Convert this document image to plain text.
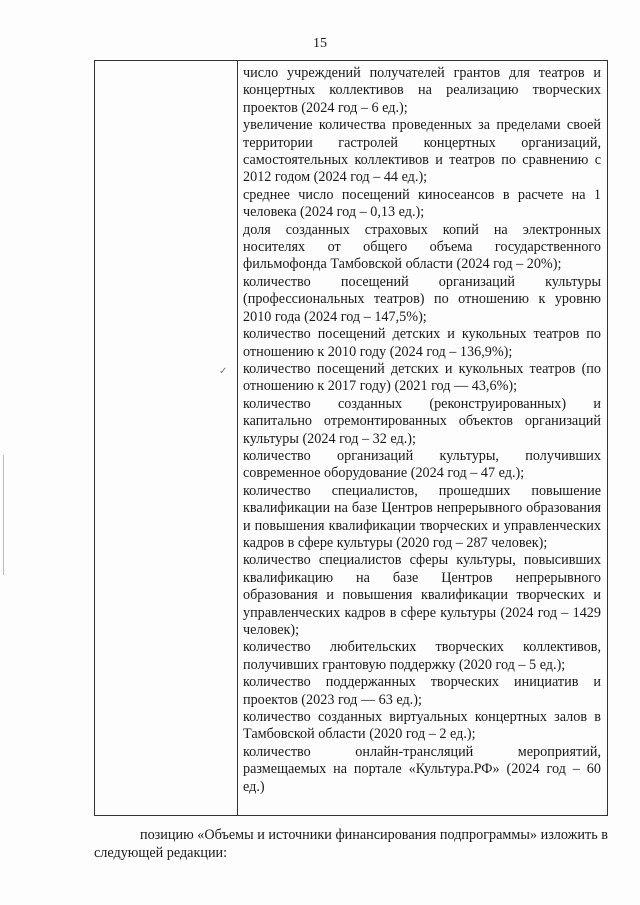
15
✓

число учреждений получателей грантов для театров и концертных коллективов на реализацию творческих проектов (2024 год – 6 ед.);

увеличение количества проведенных за пределами своей территории гастролей концертных организаций, самостоятельных коллективов и театров по сравнению с 2012 годом (2024 год – 44 ед.);

среднее число посещений киносеансов в расчете на 1 человека (2024 год – 0,13 ед.);

доля созданных страховых копий на электронных носителях от общего объема государственного фильмофонда Тамбовской области (2024 год – 20%);

количество посещений организаций культуры (профессиональных театров) по отношению к уровню 2010 года (2024 год – 147,5%);

количество посещений детских и кукольных театров по отношению к 2010 году (2024 год – 136,9%);

количество посещений детских и кукольных театров (по отношению к 2017 году) (2021 год — 43,6%);

количество созданных (реконструированных) и капитально отремонтированных объектов организаций культуры (2024 год – 32 ед.);

количество организаций культуры, получивших современное оборудование (2024 год – 47 ед.);

количество специалистов, прошедших повышение квалификации на базе Центров непрерывного образования и повышения квалификации творческих и управленческих кадров в сфере культуры (2020 год – 287 человек);

количество специалистов сферы культуры, повысивших квалификацию на базе Центров непрерывного образования и повышения квалификации творческих и управленческих кадров в сфере культуры (2024 год – 1429 человек);

количество любительских творческих коллективов, получивших грантовую поддержку (2020 год – 5 ед.);

количество поддержанных творческих инициатив и проектов (2023 год — 63 ед.);

количество созданных виртуальных концертных залов в Тамбовской области (2020 год – 2 ед.);

количество онлайн-трансляций мероприятий, размещаемых на портале «Культура.РФ» (2024 год – 60 ед.)

позицию «Объемы и источники финансирования подпрограммы» изложить в следующей редакции:
